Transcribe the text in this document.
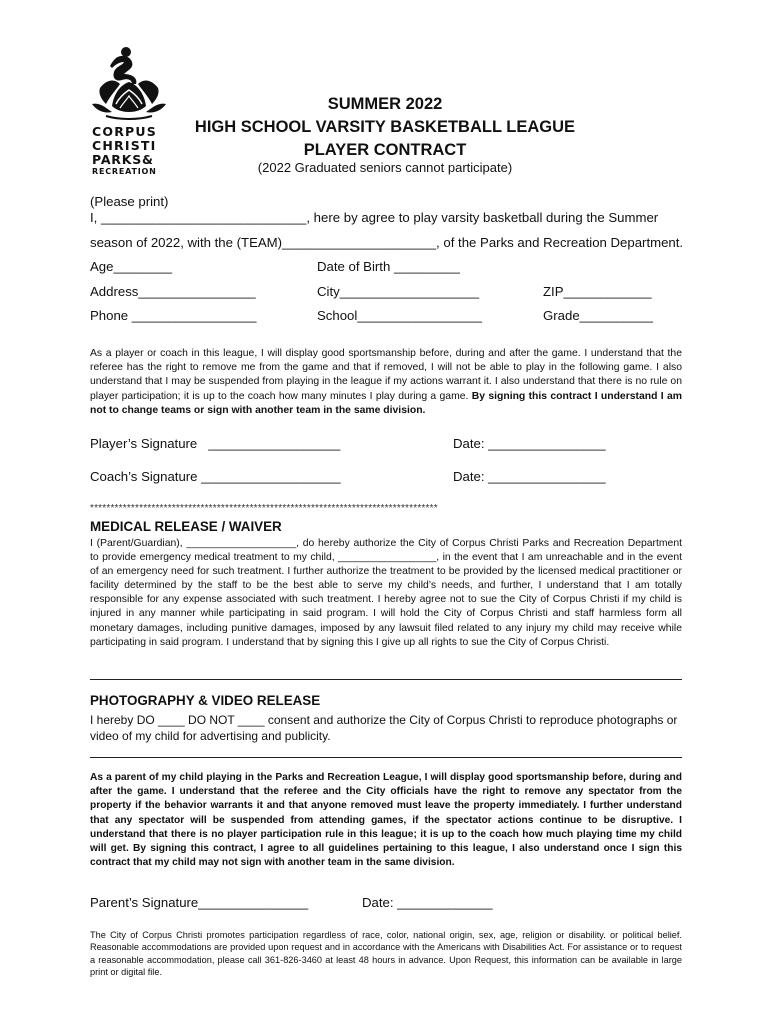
CORPUS
CHRISTI
PARKS&
RECREATION
SUMMER 2022
HIGH SCHOOL VARSITY BASKETBALL LEAGUE
PLAYER CONTRACT
(2022 Graduated seniors cannot participate)
(Please print)
I, ____________________________, here by agree to play varsity basketball during the Summer
season of 2022, with the (TEAM)_____________________, of the Parks and Recreation Department.
Age________	Date of Birth _________
Address________________	City___________________	ZIP____________
Phone _________________	School_________________	Grade__________
As a player or coach in this league, I will display good sportsmanship before, during and after the game. I understand that the referee has the right to remove me from the game and that if removed, I will not be able to play in the following game. I also understand that I may be suspended from playing in the league if my actions warrant it. I also understand that there is no rule on player participation; it is up to the coach how many minutes I play during a game. By signing this contract I understand I am not to change teams or sign with another team in the same division.
Player’s Signature   __________________	Date: ________________
Coach’s Signature ___________________	Date: ________________
*************************************************************************************
MEDICAL RELEASE / WAIVER
I (Parent/Guardian), ___________________, do hereby authorize the City of Corpus Christi Parks and Recreation Department to provide emergency medical treatment to my child, _________________, in the event that I am unreachable and in the event of an emergency need for such treatment. I further authorize the treatment to be provided by the licensed medical practitioner or facility determined by the staff to be the best able to serve my child’s needs, and further, I understand that I am totally responsible for any expense associated with such treatment. I hereby agree not to sue the City of Corpus Christi if my child is injured in any manner while participating in said program. I will hold the City of Corpus Christi and staff harmless form all monetary damages, including punitive damages, imposed by any lawsuit filed related to any injury my child may receive while participating in said program. I understand that by signing this I give up all rights to sue the City of Corpus Christi.
PHOTOGRAPHY & VIDEO RELEASE
I hereby DO ____ DO NOT ____ consent and authorize the City of Corpus Christi to reproduce photographs or video of my child for advertising and publicity.
As a parent of my child playing in the Parks and Recreation League, I will display good sportsmanship before, during and after the game. I understand that the referee and the City officials have the right to remove any spectator from the property if the behavior warrants it and that anyone removed must leave the property immediately. I further understand that any spectator will be suspended from attending games, if the spectator actions continue to be disruptive. I understand that there is no player participation rule in this league; it is up to the coach how much playing time my child will get. By signing this contract, I agree to all guidelines pertaining to this league, I also understand once I sign this contract that my child may not sign with another team in the same division.
Parent’s Signature_______________	Date: _____________
The City of Corpus Christi promotes participation regardless of race, color, national origin, sex, age, religion or disability. or political belief. Reasonable accommodations are provided upon request and in accordance with the Americans with Disabilities Act. For assistance or to request a reasonable accommodation, please call 361-826-3460 at least 48 hours in advance. Upon Request, this information can be available in large print or digital file.
